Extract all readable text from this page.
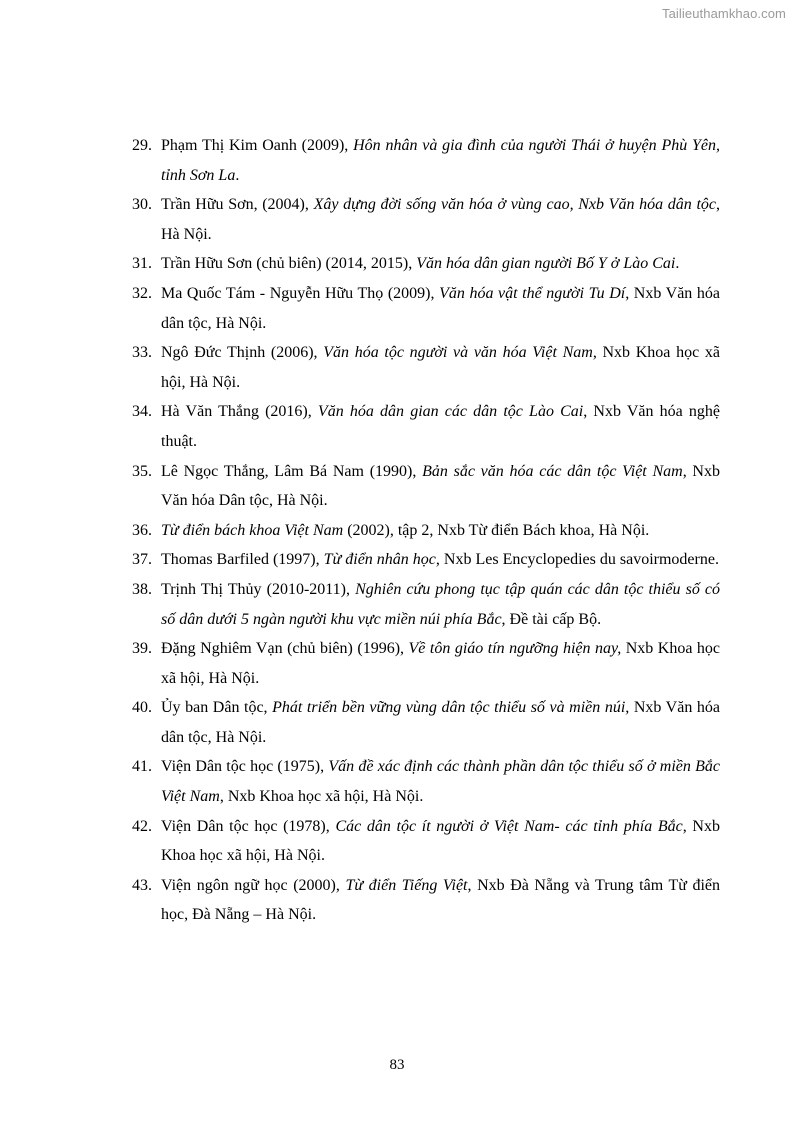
Tailieuthamkhao.com
29. Phạm Thị Kim Oanh (2009), Hôn nhân và gia đình của người Thái ở huyện Phù Yên, tỉnh Sơn La.
30. Trần Hữu Sơn, (2004), Xây dựng đời sống văn hóa ở vùng cao, Nxb Văn hóa dân tộc, Hà Nội.
31. Trần Hữu Sơn (chủ biên) (2014, 2015), Văn hóa dân gian người Bố Y ở Lào Cai.
32. Ma Quốc Tám - Nguyễn Hữu Thọ (2009), Văn hóa vật thể người Tu Dí, Nxb Văn hóa dân tộc, Hà Nội.
33. Ngô Đức Thịnh (2006), Văn hóa tộc người và văn hóa Việt Nam, Nxb Khoa học xã hội, Hà Nội.
34. Hà Văn Thắng (2016), Văn hóa dân gian các dân tộc Lào Cai, Nxb Văn hóa nghệ thuật.
35. Lê Ngọc Thắng, Lâm Bá Nam (1990), Bản sắc văn hóa các dân tộc Việt Nam, Nxb Văn hóa Dân tộc, Hà Nội.
36. Từ điển bách khoa Việt Nam (2002), tập 2, Nxb Từ điển Bách khoa, Hà Nội.
37. Thomas Barfiled (1997), Từ điển nhân học, Nxb Les Encyclopedies du savoirmoderne.
38. Trịnh Thị Thủy (2010-2011), Nghiên cứu phong tục tập quán các dân tộc thiểu số có số dân dưới 5 ngàn người khu vực miền núi phía Bắc, Đề tài cấp Bộ.
39. Đặng Nghiêm Vạn (chủ biên) (1996), Về tôn giáo tín ngưỡng hiện nay, Nxb Khoa học xã hội, Hà Nội.
40. Ủy ban Dân tộc, Phát triển bền vững vùng dân tộc thiểu số và miền núi, Nxb Văn hóa dân tộc, Hà Nội.
41. Viện Dân tộc học (1975), Vấn đề xác định các thành phần dân tộc thiểu số ở miền Bắc Việt Nam, Nxb Khoa học xã hội, Hà Nội.
42. Viện Dân tộc học (1978), Các dân tộc ít người ở Việt Nam- các tỉnh phía Bắc, Nxb Khoa học xã hội, Hà Nội.
43. Viện ngôn ngữ học (2000), Từ điển Tiếng Việt, Nxb Đà Nẵng và Trung tâm Từ điển học, Đà Nẵng – Hà Nội.
83
